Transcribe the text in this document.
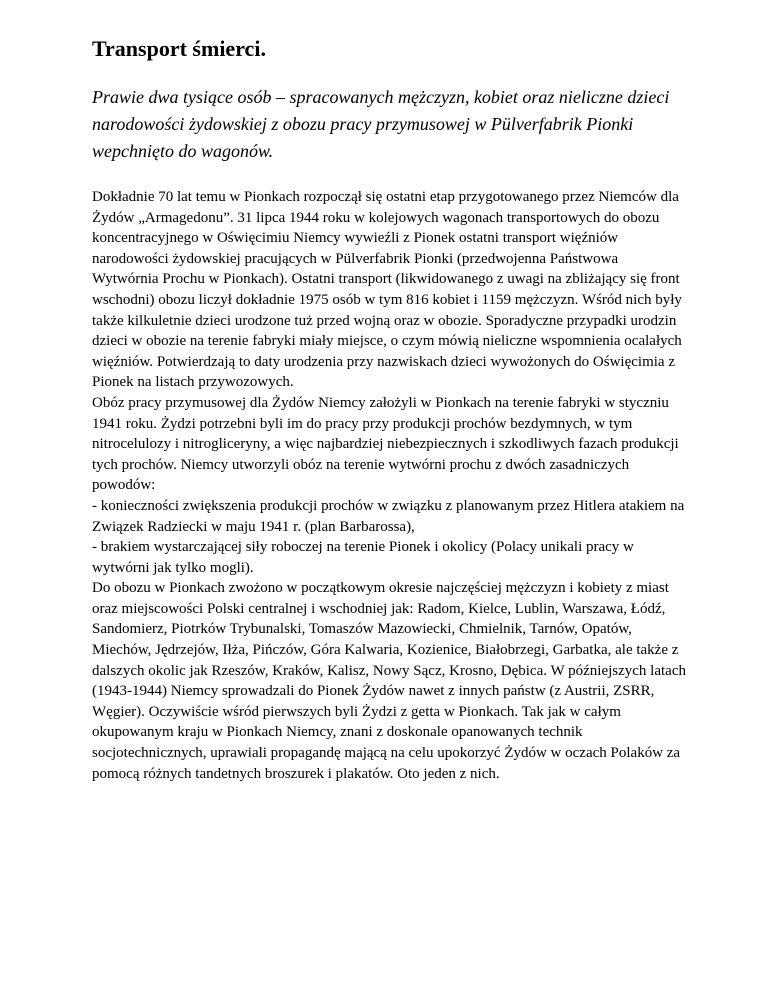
Transport śmierci.

Prawie dwa tysiące osób – spracowanych mężczyzn, kobiet oraz nieliczne dzieci narodowości żydowskiej z obozu pracy przymusowej w Pülverfabrik Pionki wepchnięto do wagonów.

Dokładnie 70 lat temu w Pionkach rozpoczął się ostatni etap przygotowanego przez Niemców dla Żydów „Armagedonu”. 31 lipca 1944 roku w kolejowych wagonach transportowych do obozu koncentracyjnego w Oświęcimiu Niemcy wywieźli z Pionek ostatni transport więźniów narodowości żydowskiej pracujących w Pülverfabrik Pionki (przedwojenna Państwowa Wytwórnia Prochu w Pionkach). Ostatni transport (likwidowanego z uwagi na zbliżający się front wschodni) obozu liczył dokładnie 1975 osób w tym 816 kobiet i 1159 mężczyzn. Wśród nich były także kilkuletnie dzieci urodzone tuż przed wojną oraz w obozie. Sporadyczne przypadki urodzin dzieci w obozie na terenie fabryki miały miejsce, o czym mówią nieliczne wspomnienia ocalałych więźniów. Potwierdzają to daty urodzenia przy nazwiskach dzieci wywożonych do Oświęcimia z Pionek na listach przywozowych.

Obóz pracy przymusowej dla Żydów Niemcy założyli w Pionkach na terenie fabryki w styczniu 1941 roku. Żydzi potrzebni byli im do pracy przy produkcji prochów bezdymnych, w tym nitrocelulozy i nitrogliceryny, a więc najbardziej niebezpiecznych i szkodliwych fazach produkcji tych prochów. Niemcy utworzyli obóz na terenie wytwórni prochu z dwóch zasadniczych powodów:

- konieczności zwiększenia produkcji prochów w związku z planowanym przez Hitlera atakiem na Związek Radziecki w maju 1941 r. (plan Barbarossa),

- brakiem wystarczającej siły roboczej na terenie Pionek i okolicy (Polacy unikali pracy w wytwórni jak tylko mogli).

Do obozu w Pionkach zwożono w początkowym okresie najczęściej mężczyzn i kobiety z miast oraz miejscowości Polski centralnej i wschodniej jak: Radom, Kielce, Lublin, Warszawa, Łódź, Sandomierz, Piotrków Trybunalski, Tomaszów Mazowiecki, Chmielnik, Tarnów, Opatów, Miechów, Jędrzejów, Iłża, Pińczów, Góra Kalwaria, Kozienice, Białobrzegi, Garbatka, ale także z dalszych okolic jak Rzeszów, Kraków, Kalisz, Nowy Sącz, Krosno, Dębica. W późniejszych latach (1943-1944) Niemcy sprowadzali do Pionek Żydów nawet z innych państw (z Austrii, ZSRR, Węgier). Oczywiście wśród pierwszych byli Żydzi z getta w Pionkach. Tak jak w całym okupowanym kraju w Pionkach Niemcy, znani z doskonale opanowanych technik socjotechnicznych, uprawiali propagandę mającą na celu upokorzyć Żydów w oczach Polaków za pomocą różnych tandetnych broszurek i plakatów. Oto jeden z nich.
